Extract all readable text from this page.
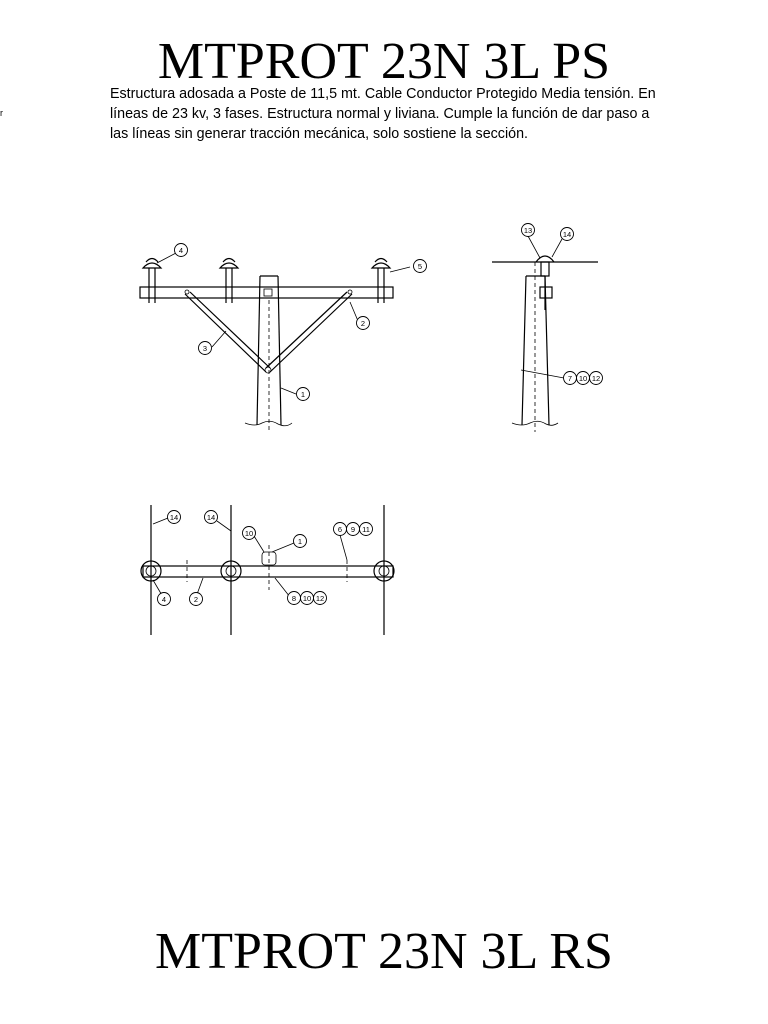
MTPROT 23N 3L PS
r
Estructura adosada a Poste de 11,5 mt. Cable Conductor Protegido Media tensión. En líneas de 23 kv, 3 fases. Estructura normal y liviana. Cumple la función de dar paso a las líneas sin generar tracción mecánica, solo sostiene la sección.
4
5
2
3
1
13	14
7 10 12
14	14
10
1
6 9 11
4	2	8 10 12
MTPROT 23N 3L RS
